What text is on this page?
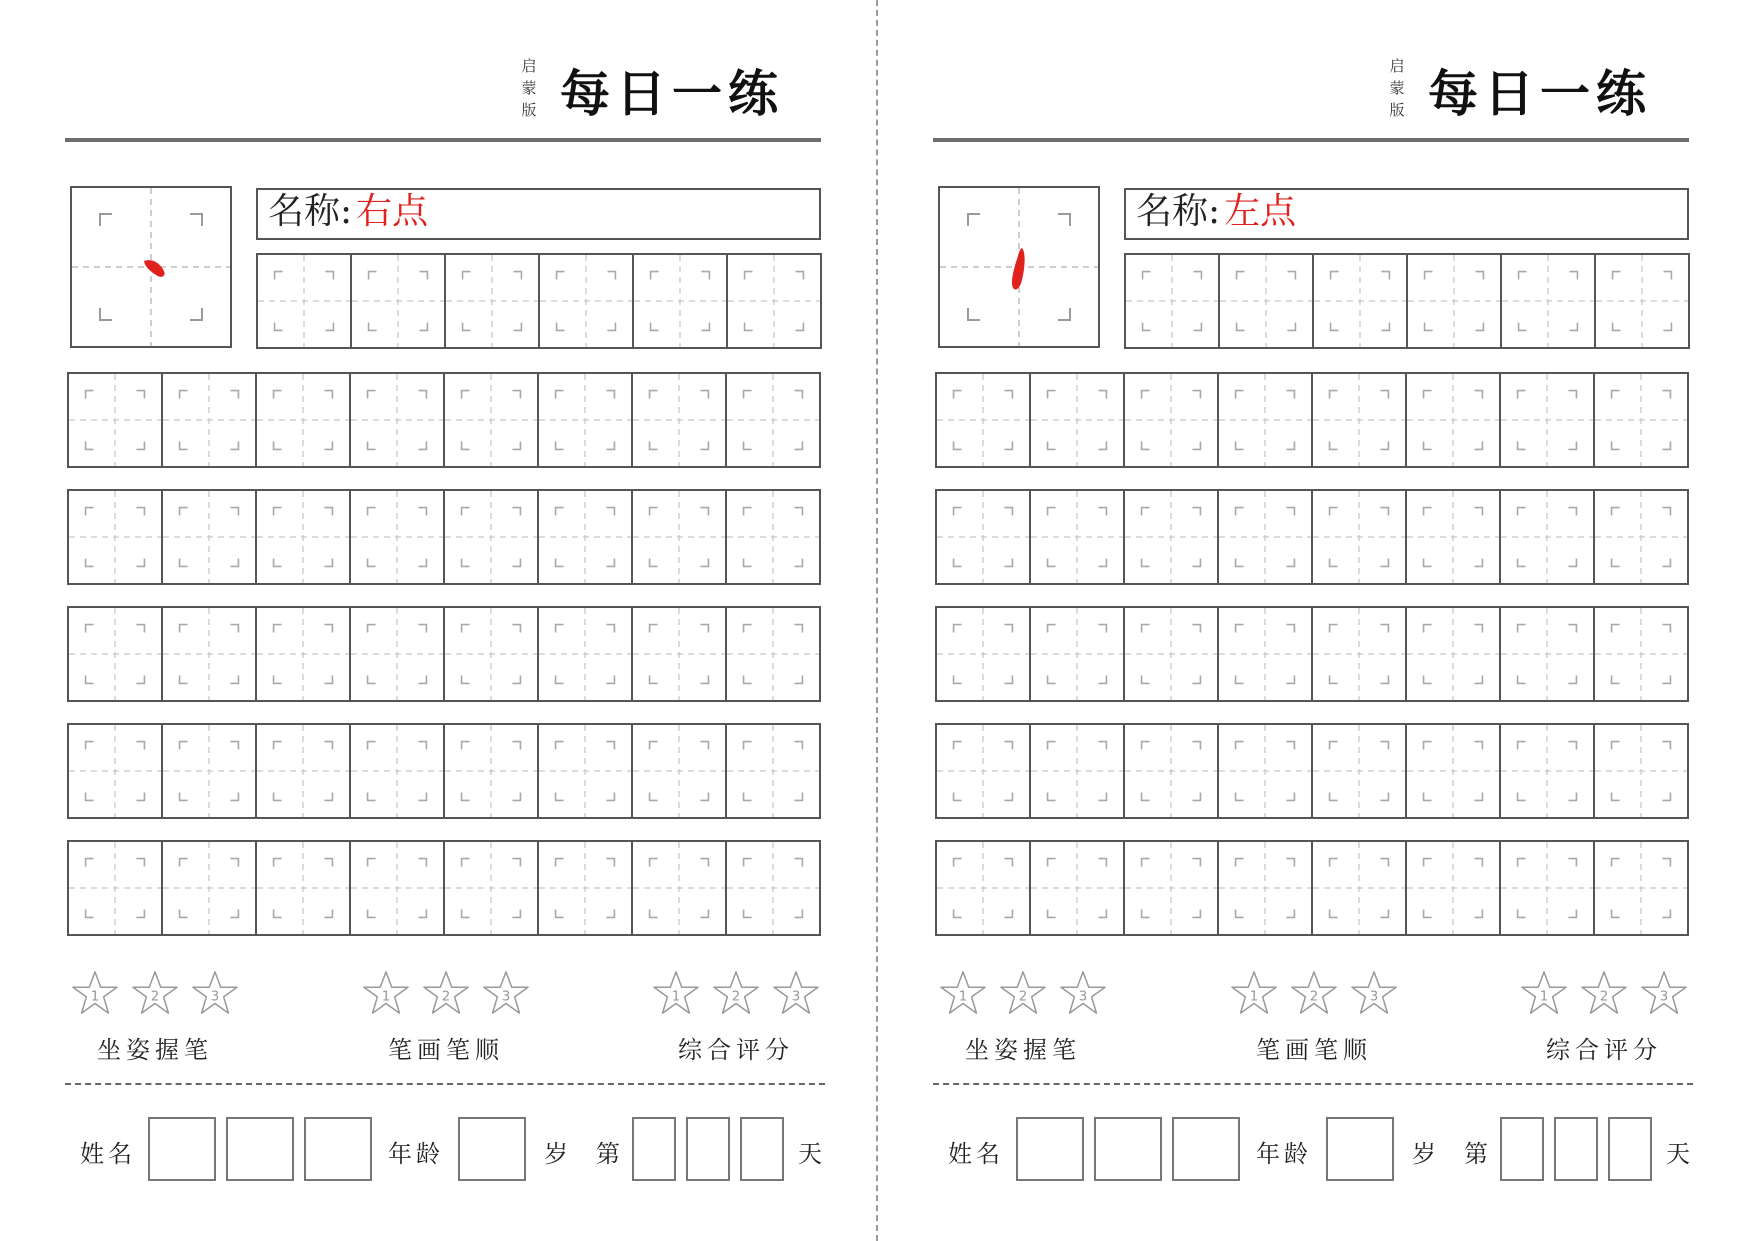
启
蒙
版 每日一练
名称: 右点
1	2	3
坐姿握笔
1	2	3
笔画笔顺
1	2	3
综合评分
姓名	年龄	岁 第	天
启
蒙
版 每日一练
名称: 左点
1	2	3
坐姿握笔
1	2	3
笔画笔顺
1	2	3
综合评分
姓名	年龄	岁 第	天
